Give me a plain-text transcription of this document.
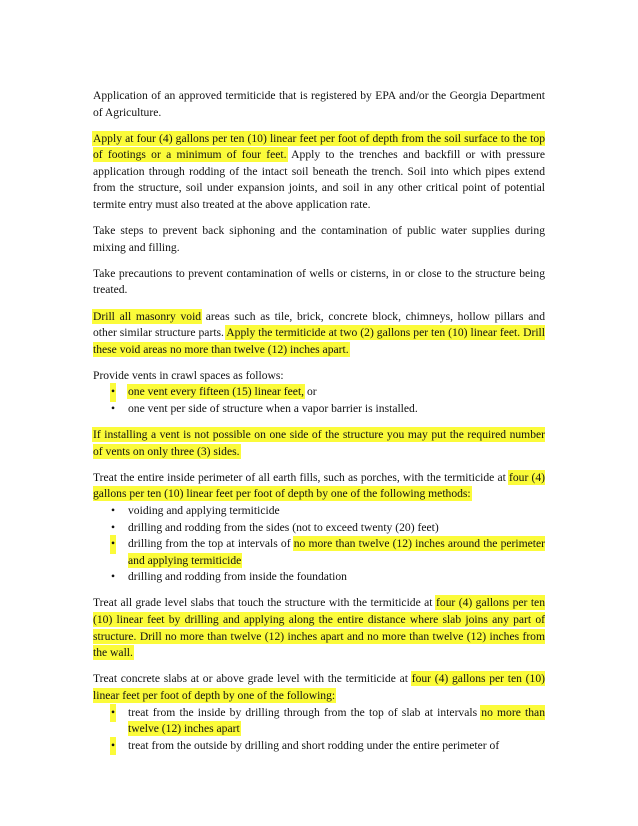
Application of an approved termiticide that is registered by EPA and/or the Georgia Department of Agriculture.

Apply at four (4) gallons per ten (10) linear feet per foot of depth from the soil surface to the top of footings or a minimum of four feet. Apply to the trenches and backfill or with pressure application through rodding of the intact soil beneath the trench. Soil into which pipes extend from the structure, soil under expansion joints, and soil in any other critical point of potential termite entry must also treated at the above application rate.

Take steps to prevent back siphoning and the contamination of public water supplies during mixing and filling.

Take precautions to prevent contamination of wells or cisterns, in or close to the structure being treated.

Drill all masonry void areas such as tile, brick, concrete block, chimneys, hollow pillars and other similar structure parts. Apply the termiticide at two (2) gallons per ten (10) linear feet. Drill these void areas no more than twelve (12) inches apart.

Provide vents in crawl spaces as follows:

• one vent every fifteen (15) linear feet, or
• one vent per side of structure when a vapor barrier is installed.

If installing a vent is not possible on one side of the structure you may put the required number of vents on only three (3) sides.

Treat the entire inside perimeter of all earth fills, such as porches, with the termiticide at four (4) gallons per ten (10) linear feet per foot of depth by one of the following methods:

• voiding and applying termiticide
• drilling and rodding from the sides (not to exceed twenty (20) feet)
• drilling from the top at intervals of no more than twelve (12) inches around the perimeter and applying termiticide
• drilling and rodding from inside the foundation

Treat all grade level slabs that touch the structure with the termiticide at four (4) gallons per ten (10) linear feet by drilling and applying along the entire distance where slab joins any part of structure. Drill no more than twelve (12) inches apart and no more than twelve (12) inches from the wall.

Treat concrete slabs at or above grade level with the termiticide at four (4) gallons per ten (10) linear feet per foot of depth by one of the following:

• treat from the inside by drilling through from the top of slab at intervals no more than twelve (12) inches apart
• treat from the outside by drilling and short rodding under the entire perimeter of
